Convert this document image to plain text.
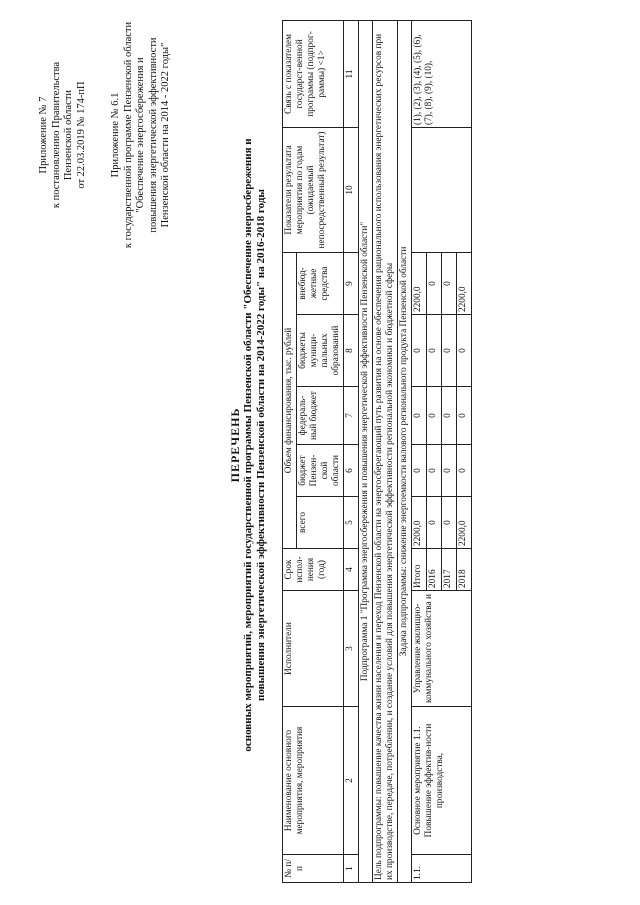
Приложение № 7 к постановлению Правительства Пензенской области от 22.03.2019 № 174-пП Приложение № 6.1 к государственной программе Пензенской области "Обеспечение энергосбережения и повышения энергетической эффективности Пензенской области на 2014 - 2022 годы"
ПЕРЕЧЕНЬ основных мероприятий, мероприятий государственной программы Пензенской области "Обеспечение энергосбережения и повышения энергетической эффективности Пензенской области на 2014-2022 годы" на 2016-2018 годы
№ п/п	Наименование основного мероприятия, мероприятия	Исполнители	Срок испол-нения (год)	Объем финансирования, тыс. рублей					Показатели результата мероприятия по годам (ожидаемый непосредственный результат)	Связь с показателем государст-венной программы (подпрог-раммы) <1>
				всего	бюджет Пензен-ской области	федераль-ный бюджет	бюджеты муници-пальных образований	внебюд-жетные средства		
1	2	3	4	5	6	7	8	9	10	11
Подпрограмма 1 "Программа энергосбережения и повышения энергетической эффективности Пензенской области"										
Цель подпрограммы: повышение качества жизни населения и переход Пензенской области на энергосберегающий путь развития на основе обеспечения рационального использования энергетических ресурсов при их производстве, передаче, потреблении, и создание условий для повышения энергетической эффективности региональной экономики и бюджетной сферы										
Задача подпрограммы: снижение энергоемкости валового регионального продукта Пензенской области										
1.1.	Основное мероприятие 1.1. Повышение эффектив-ности производства,	Управление жилищно-коммунального хозяйства и	Итого	2200,0	0	0	0	2200,0		(1), (2), (3), (4), (5), (6), (7), (8), (9), (10),
			2016	0	0	0	0	0		
			2017	0	0	0	0	0		
			2018	2200,0	0	0	0	2200,0		
